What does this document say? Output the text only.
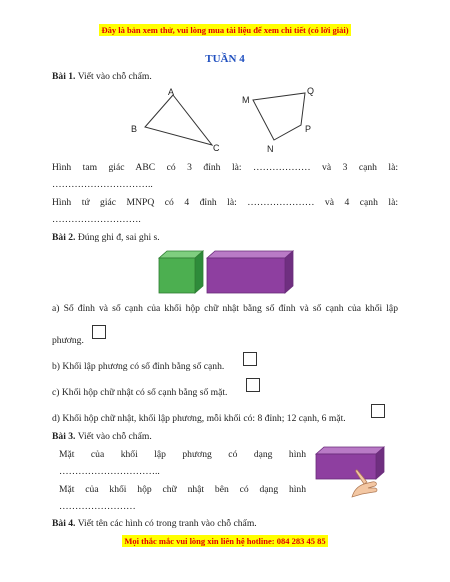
Đây là bản xem thử, vui lòng mua tài liệu để xem chi tiết (có lời giải)
TUẦN 4
Bài 1. Viết vào chỗ chấm.
A
B
C
M
Q
P
N
Hình tam giác ABC có 3 đỉnh là: ……………… và 3 cạnh là:
…………………………..
Hình tứ giác MNPQ có 4 đỉnh là: ………………… và 4 cạnh là:
……………………….
Bài 2. Đúng ghi đ, sai ghi s.
a) Số đỉnh và số cạnh của khối hộp chữ nhật bằng số đỉnh và số cạnh của khối lập
phương.
b) Khối lập phương có số đỉnh bằng số cạnh.
c) Khối hộp chữ nhật có số cạnh bằng số mặt.
d) Khối hộp chữ nhật, khối lập phương, mỗi khối có: 8 đỉnh; 12 cạnh, 6 mặt.
Bài 3. Viết vào chỗ chấm.
Mặt của khối lập phương có dạng hình
…………………………..
Mặt của khối hộp chữ nhật bên có dạng hình
……………………
Bài 4. Viết tên các hình có trong tranh vào chỗ chấm.
Mọi thắc mắc vui lòng xin liên hệ hotline: 084 283 45 85
